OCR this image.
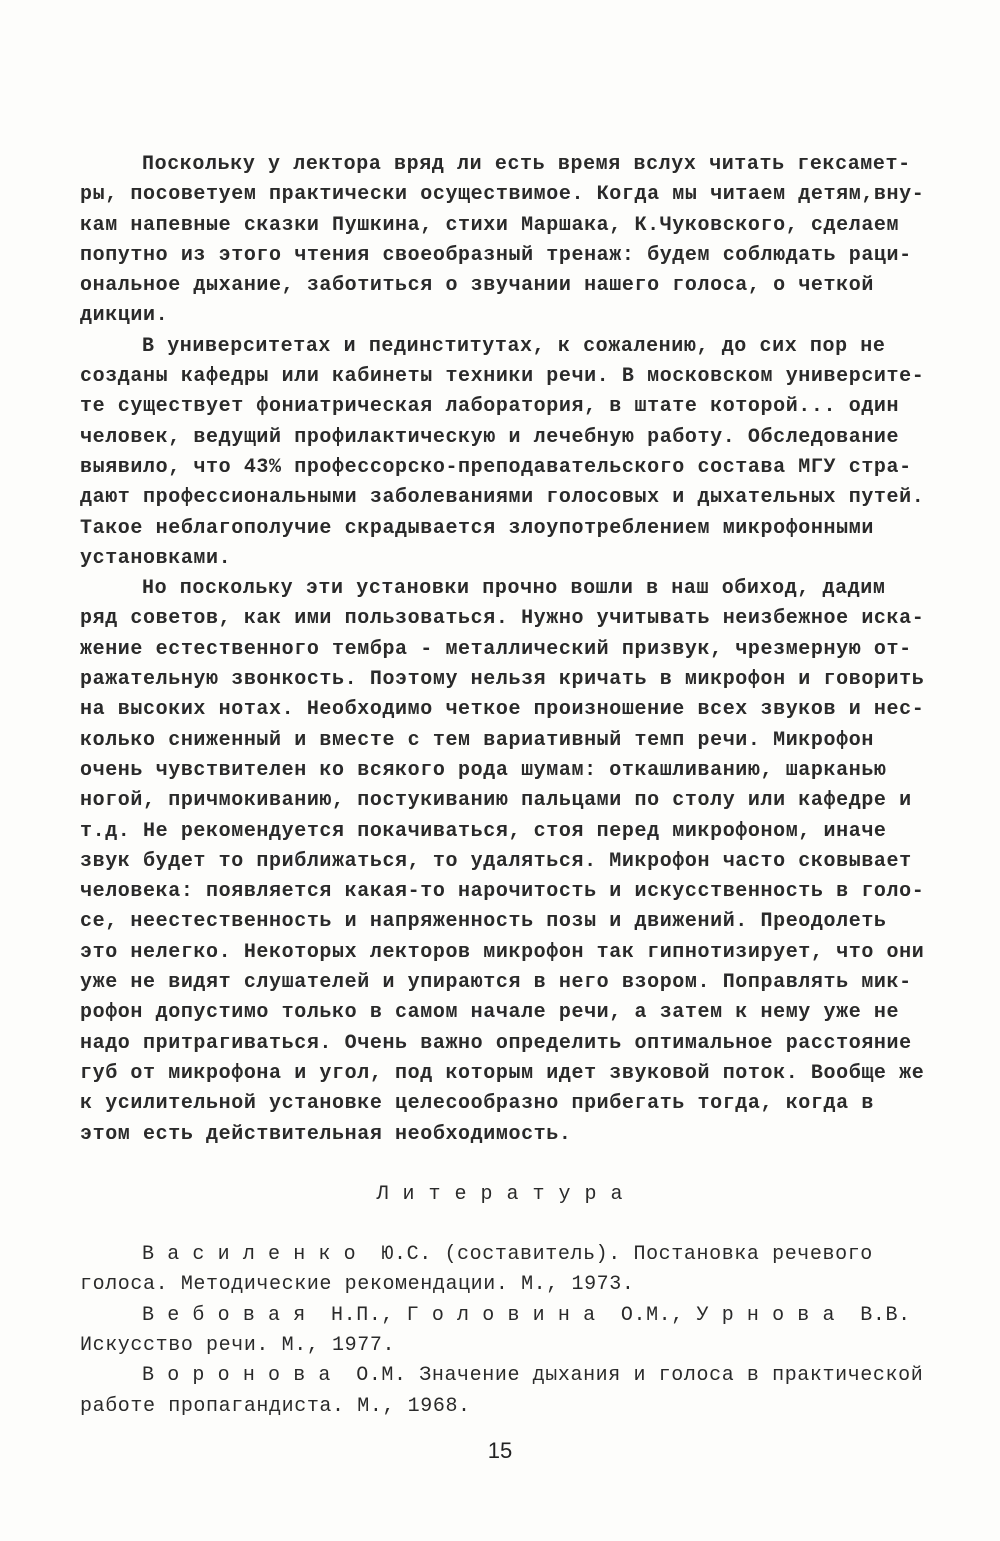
Поскольку у лектора вряд ли есть время вслух читать гексамет-
ры, посоветуем практически осуществимое. Когда мы читаем детям,вну-
кам напевные сказки Пушкина, стихи Маршака, К.Чуковского, сделаем
попутно из этого чтения своеобразный тренаж: будем соблюдать раци-
ональное дыхание, заботиться о звучании нашего голоса, о четкой
дикции.
В университетах и пединститутах, к сожалению, до сих пор не
созданы кафедры или кабинеты техники речи. В московском университе-
те существует фониатрическая лаборатория, в штате которой... один
человек, ведущий профилактическую и лечебную работу. Обследование
выявило, что 43% профессорско-преподавательского состава МГУ стра-
дают профессиональными заболеваниями голосовых и дыхательных путей.
Такое неблагополучие скрадывается злоупотреблением микрофонными
установками.
Но поскольку эти установки прочно вошли в наш обиход, дадим
ряд советов, как ими пользоваться. Нужно учитывать неизбежное иска-
жение естественного тембра - металлический призвук, чрезмерную от-
ражательную звонкость. Поэтому нельзя кричать в микрофон и говорить
на высоких нотах. Необходимо четкое произношение всех звуков и нес-
колько сниженный и вместе с тем вариативный темп речи. Микрофон
очень чувствителен ко всякого рода шумам: откашливанию, шарканью
ногой, причмокиванию, постукиванию пальцами по столу или кафедре и
т.д. Не рекомендуется покачиваться, стоя перед микрофоном, иначе
звук будет то приближаться, то удаляться. Микрофон часто сковывает
человека: появляется какая-то нарочитость и искусственность в голо-
се, неестественность и напряженность позы и движений. Преодолеть
это нелегко. Некоторых лекторов микрофон так гипнотизирует, что они
уже не видят слушателей и упираются в него взором. Поправлять мик-
рофон допустимо только в самом начале речи, а затем к нему уже не
надо притрагиваться. Очень важно определить оптимальное расстояние
губ от микрофона и угол, под которым идет звуковой поток. Вообще же
к усилительной установке целесообразно прибегать тогда, когда в
этом есть действительная необходимость.
Л и т е р а т у р а
В а с и л е н к о  Ю.С. (составитель). Постановка речевого
голоса. Методические рекомендации. М., 1973.
В е б о в а я  Н.П., Г о л о в и н а  О.М., У р н о в а  В.В.
Искусство речи. М., 1977.
В о р о н о в а  О.М. Значение дыхания и голоса в практической
работе пропагандиста. М., 1968.
15
